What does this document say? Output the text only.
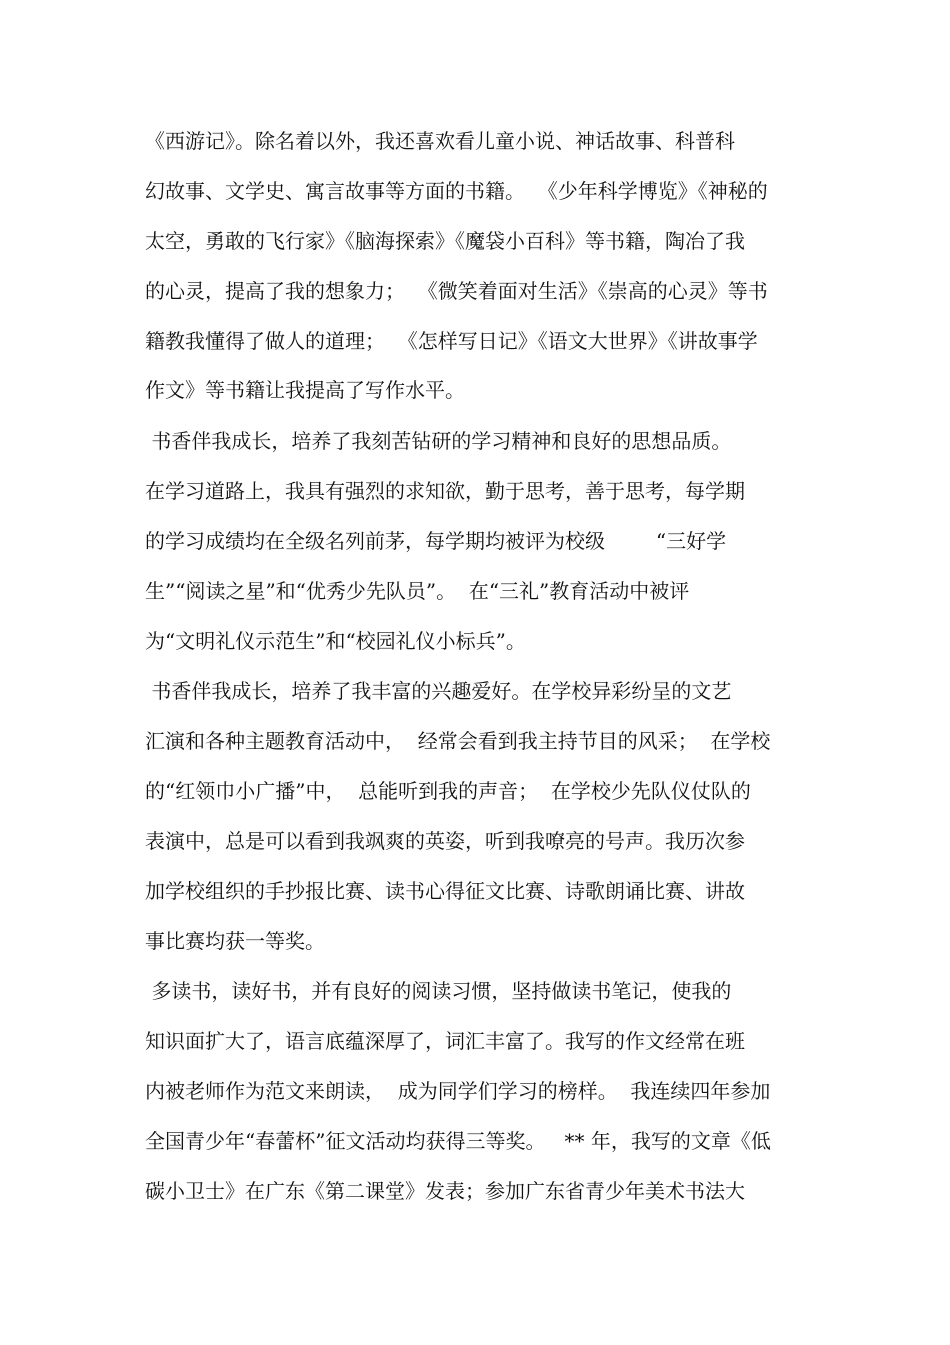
《西游记》。除名着以外，我还喜欢看儿童小说、神话故事、科普科
幻故事、文学史、寓言故事等方面的书籍。  《少年科学博览》《神秘的
太空，勇敢的飞行家》《脑海探索》《魔袋小百科》等书籍，陶冶了我
的心灵，提高了我的想象力；  《微笑着面对生活》《崇高的心灵》等书
籍教我懂得了做人的道理；  《怎样写日记》《语文大世界》《讲故事学
作文》等书籍让我提高了写作水平。
书香伴我成长，培养了我刻苦钻研的学习精神和良好的思想品质。
在学习道路上，我具有强烈的求知欲，勤于思考，善于思考，每学期
的学习成绩均在全级名列前茅，每学期均被评为校级        “三好学
生”“阅读之星”和“优秀少先队员”。  在“三礼”教育活动中被评
为“文明礼仪示范生”和“校园礼仪小标兵”。
书香伴我成长，培养了我丰富的兴趣爱好。在学校异彩纷呈的文艺
汇演和各种主题教育活动中，  经常会看到我主持节目的风采；  在学校
的“红领巾小广播”中，  总能听到我的声音；  在学校少先队仪仗队的
表演中，总是可以看到我飒爽的英姿，听到我嘹亮的号声。我历次参
加学校组织的手抄报比赛、读书心得征文比赛、诗歌朗诵比赛、讲故
事比赛均获一等奖。
多读书，读好书，并有良好的阅读习惯，坚持做读书笔记，使我的
知识面扩大了，语言底蕴深厚了，词汇丰富了。我写的作文经常在班
内被老师作为范文来朗读，  成为同学们学习的榜样。  我连续四年参加
全国青少年“春蕾杯”征文活动均获得三等奖。   ** 年，我写的文章《低
碳小卫士》在广东《第二课堂》发表；参加广东省青少年美术书法大
